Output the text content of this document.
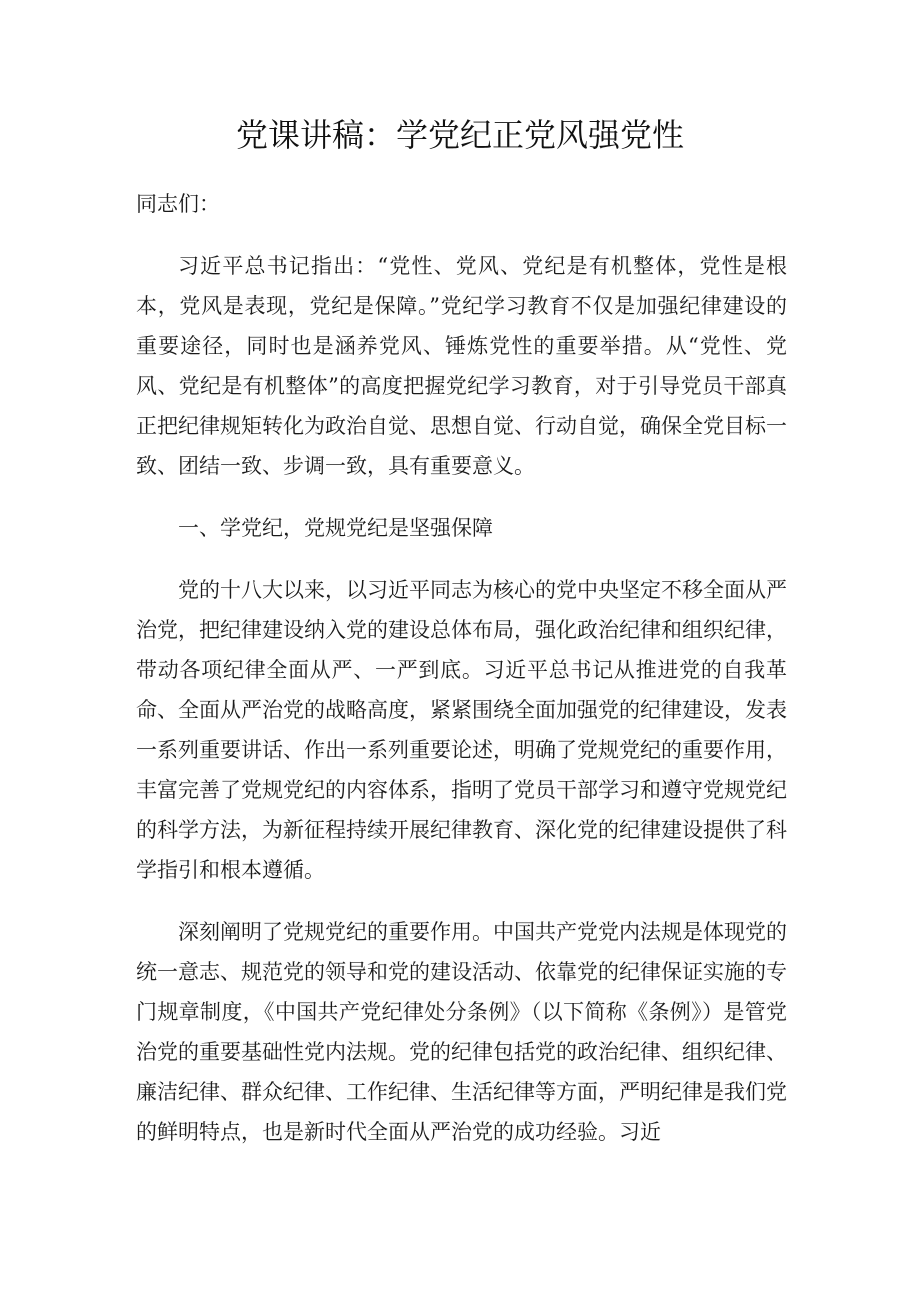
党课讲稿：学党纪正党风强党性

同志们：

习近平总书记指出：“党性、党风、党纪是有机整体，党性是根本，党风是表现，党纪是保障。”党纪学习教育不仅是加强纪律建设的重要途径，同时也是涵养党风、锤炼党性的重要举措。从“党性、党风、党纪是有机整体”的高度把握党纪学习教育，对于引导党员干部真正把纪律规矩转化为政治自觉、思想自觉、行动自觉，确保全党目标一致、团结一致、步调一致，具有重要意义。

一、学党纪，党规党纪是坚强保障

党的十八大以来，以习近平同志为核心的党中央坚定不移全面从严治党，把纪律建设纳入党的建设总体布局，强化政治纪律和组织纪律，带动各项纪律全面从严、一严到底。习近平总书记从推进党的自我革命、全面从严治党的战略高度，紧紧围绕全面加强党的纪律建设，发表一系列重要讲话、作出一系列重要论述，明确了党规党纪的重要作用，丰富完善了党规党纪的内容体系，指明了党员干部学习和遵守党规党纪的科学方法，为新征程持续开展纪律教育、深化党的纪律建设提供了科学指引和根本遵循。

深刻阐明了党规党纪的重要作用。中国共产党党内法规是体现党的统一意志、规范党的领导和党的建设活动、依靠党的纪律保证实施的专门规章制度，《中国共产党纪律处分条例》（以下简称《条例》）是管党治党的重要基础性党内法规。党的纪律包括党的政治纪律、组织纪律、廉洁纪律、群众纪律、工作纪律、生活纪律等方面，严明纪律是我们党的鲜明特点，也是新时代全面从严治党的成功经验。习近
